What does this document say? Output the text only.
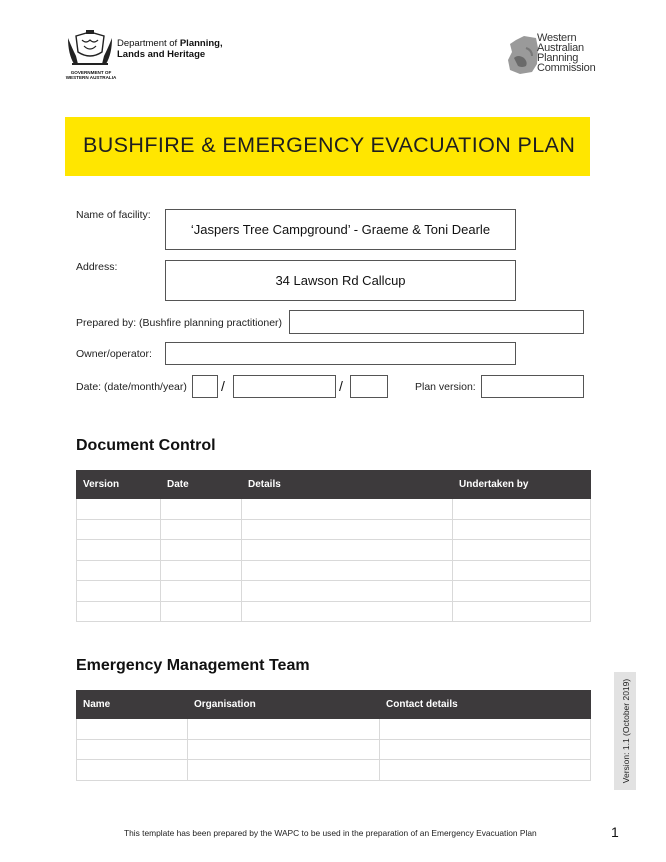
GOVERNMENT OF
WESTERN AUSTRALIA
Department of Planning,
Lands and Heritage
Western
Australian
Planning
Commission
BUSHFIRE & EMERGENCY EVACUATION PLAN
Name of facility:
‘Jaspers Tree Campground’ - Graeme & Toni Dearle
Address:
34 Lawson Rd Callcup
Prepared by: (Bushfire planning practitioner)
Owner/operator:
Date: (date/month/year) /	/	Plan version:
Document Control
Version	Date	Details	Undertaken by

Emergency Management Team
Name	Organisation	Contact details

			Version: 1.1 (October 2019)
This template has been prepared by the WAPC to be used in the preparation of an Emergency Evacuation Plan	1
